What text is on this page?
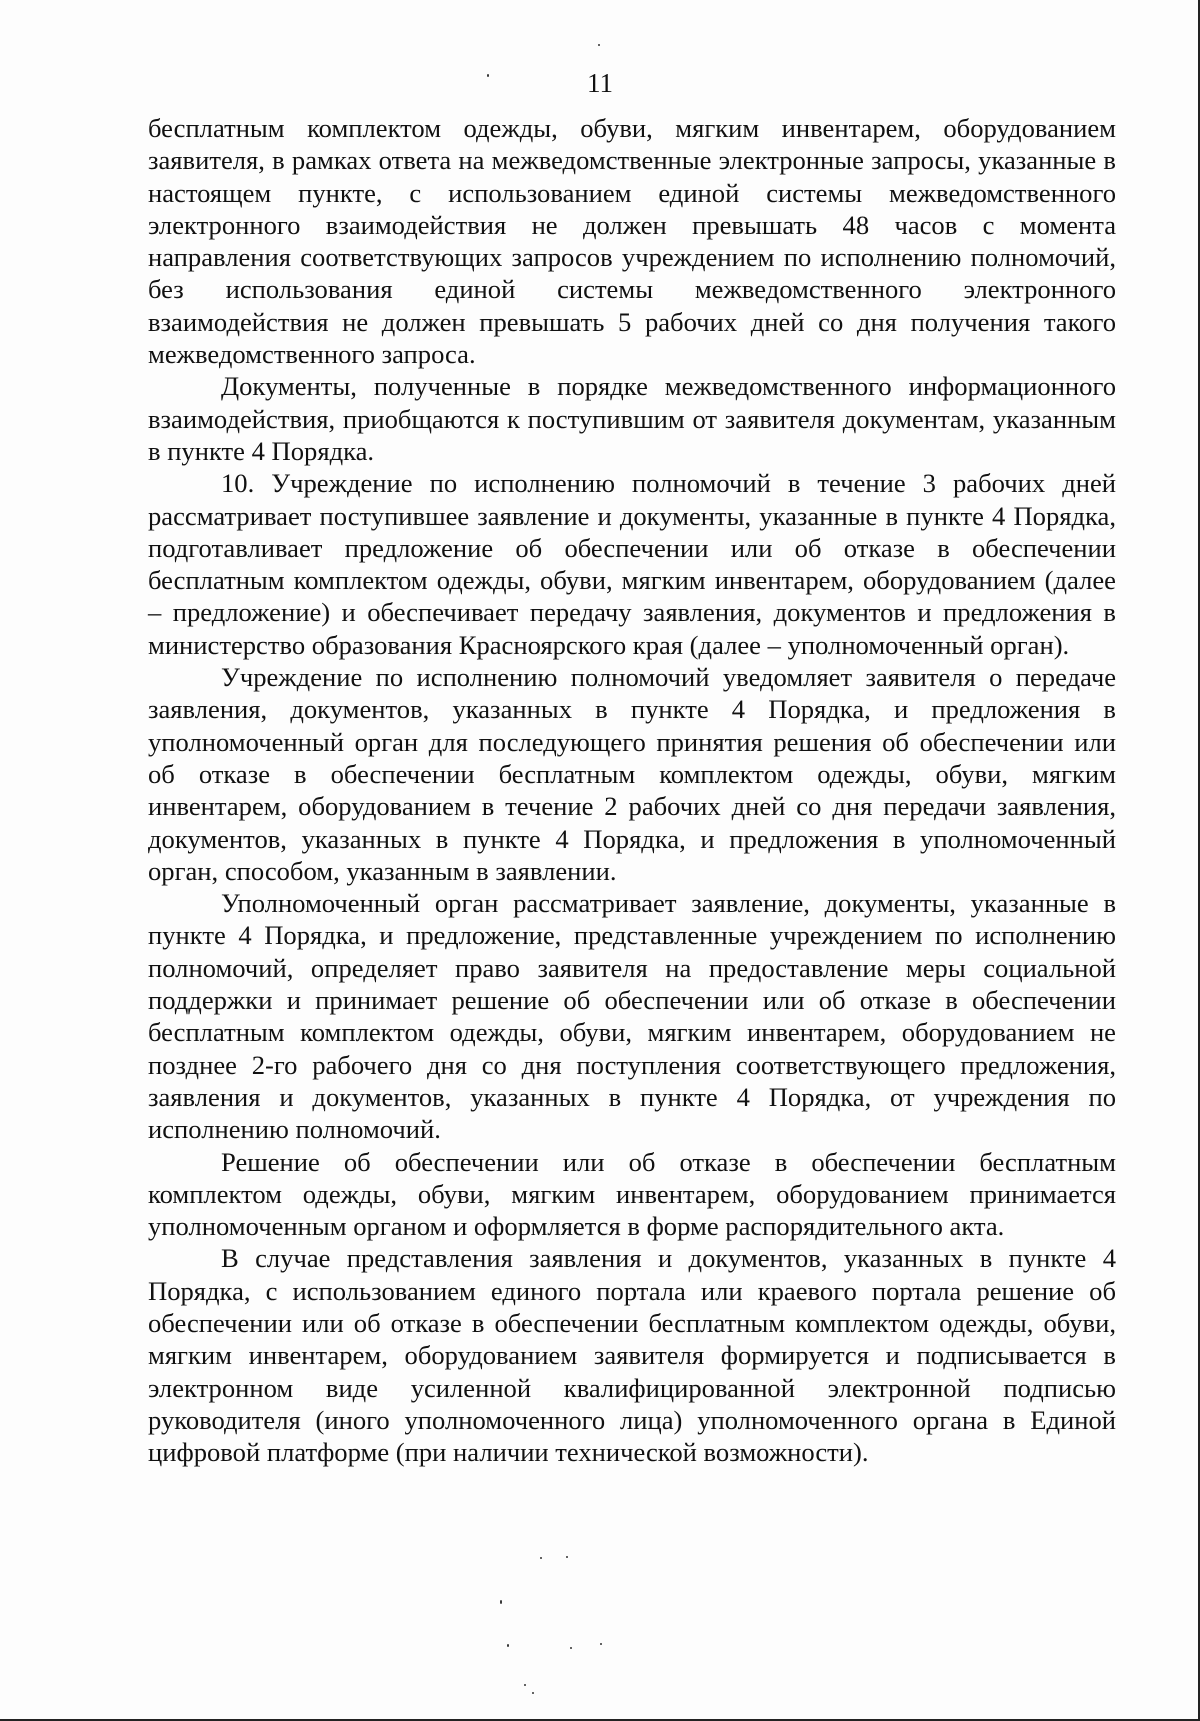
11

бесплатным комплектом одежды, обуви, мягким инвентарем, оборудованием заявителя, в рамках ответа на межведомственные электронные запросы, указанные в настоящем пункте, с использованием единой системы межведомственного электронного взаимодействия не должен превышать 48 часов с момента направления соответствующих запросов учреждением по исполнению полномочий, без использования единой системы межведомственного электронного взаимодействия не должен превышать 5 рабочих дней со дня получения такого межведомственного запроса.

Документы, полученные в порядке межведомственного информационного взаимодействия, приобщаются к поступившим от заявителя документам, указанным в пункте 4 Порядка.

10. Учреждение по исполнению полномочий в течение 3 рабочих дней рассматривает поступившее заявление и документы, указанные в пункте 4 Порядка, подготавливает предложение об обеспечении или об отказе в обеспечении бесплатным комплектом одежды, обуви, мягким инвентарем, оборудованием (далее – предложение) и обеспечивает передачу заявления, документов и предложения в министерство образования Красноярского края (далее – уполномоченный орган).

Учреждение по исполнению полномочий уведомляет заявителя о передаче заявления, документов, указанных в пункте 4 Порядка, и предложения в уполномоченный орган для последующего принятия решения об обеспечении или об отказе в обеспечении бесплатным комплектом одежды, обуви, мягким инвентарем, оборудованием в течение 2 рабочих дней со дня передачи заявления, документов, указанных в пункте 4 Порядка, и предложения в уполномоченный орган, способом, указанным в заявлении.

Уполномоченный орган рассматривает заявление, документы, указанные в пункте 4 Порядка, и предложение, представленные учреждением по исполнению полномочий, определяет право заявителя на предоставление меры социальной поддержки и принимает решение об обеспечении или об отказе в обеспечении бесплатным комплектом одежды, обуви, мягким инвентарем, оборудованием не позднее 2-го рабочего дня со дня поступления соответствующего предложения, заявления и документов, указанных в пункте 4 Порядка, от учреждения по исполнению полномочий.

Решение об обеспечении или об отказе в обеспечении бесплатным комплектом одежды, обуви, мягким инвентарем, оборудованием принимается уполномоченным органом и оформляется в форме распорядительного акта.

В случае представления заявления и документов, указанных в пункте 4 Порядка, с использованием единого портала или краевого портала решение об обеспечении или об отказе в обеспечении бесплатным комплектом одежды, обуви, мягким инвентарем, оборудованием заявителя формируется и подписывается в электронном виде усиленной квалифицированной электронной подписью руководителя (иного уполномоченного лица) уполномоченного органа в Единой цифровой платформе (при наличии технической возможности).
